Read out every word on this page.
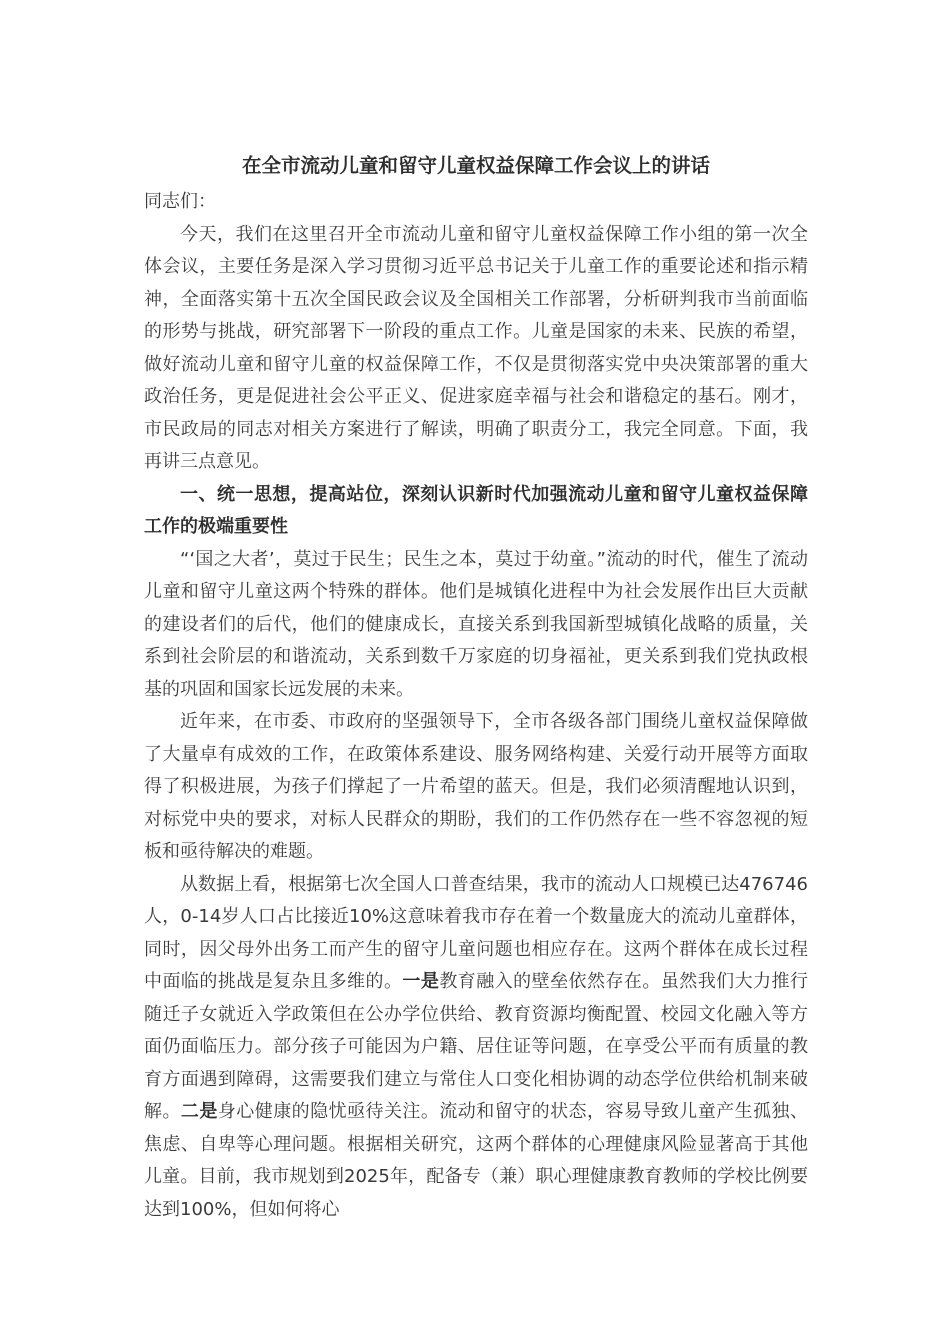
在全市流动儿童和留守儿童权益保障工作会议上的讲话

同志们：

今天，我们在这里召开全市流动儿童和留守儿童权益保障工作小组的第一次全体会议，主要任务是深入学习贯彻习近平总书记关于儿童工作的重要论述和指示精神，全面落实第十五次全国民政会议及全国相关工作部署，分析研判我市当前面临的形势与挑战，研究部署下一阶段的重点工作。儿童是国家的未来、民族的希望，做好流动儿童和留守儿童的权益保障工作，不仅是贯彻落实党中央决策部署的重大政治任务，更是促进社会公平正义、促进家庭幸福与社会和谐稳定的基石。刚才，市民政局的同志对相关方案进行了解读，明确了职责分工，我完全同意。下面，我再讲三点意见。

一、统一思想，提高站位，深刻认识新时代加强流动儿童和留守儿童权益保障工作的极端重要性

“‘国之大者’，莫过于民生；民生之本，莫过于幼童。”流动的时代，催生了流动儿童和留守儿童这两个特殊的群体。他们是城镇化进程中为社会发展作出巨大贡献的建设者们的后代，他们的健康成长，直接关系到我国新型城镇化战略的质量，关系到社会阶层的和谐流动，关系到数千万家庭的切身福祉，更关系到我们党执政根基的巩固和国家长远发展的未来。

近年来，在市委、市政府的坚强领导下，全市各级各部门围绕儿童权益保障做了大量卓有成效的工作，在政策体系建设、服务网络构建、关爱行动开展等方面取得了积极进展，为孩子们撑起了一片希望的蓝天。但是，我们必须清醒地认识到，对标党中央的要求，对标人民群众的期盼，我们的工作仍然存在一些不容忽视的短板和亟待解决的难题。

从数据上看，根据第七次全国人口普查结果，我市的流动人口规模已达476746人，0-14岁人口占比接近10%这意味着我市存在着一个数量庞大的流动儿童群体，同时，因父母外出务工而产生的留守儿童问题也相应存在。这两个群体在成长过程中面临的挑战是复杂且多维的。一是教育融入的壁垒依然存在。虽然我们大力推行随迁子女就近入学政策但在公办学位供给、教育资源均衡配置、校园文化融入等方面仍面临压力。部分孩子可能因为户籍、居住证等问题，在享受公平而有质量的教育方面遇到障碍，这需要我们建立与常住人口变化相协调的动态学位供给机制来破解。二是身心健康的隐忧亟待关注。流动和留守的状态，容易导致儿童产生孤独、焦虑、自卑等心理问题。根据相关研究，这两个群体的心理健康风险显著高于其他儿童。目前，我市规划到2025年，配备专（兼）职心理健康教育教师的学校比例要达到100%，但如何将心
